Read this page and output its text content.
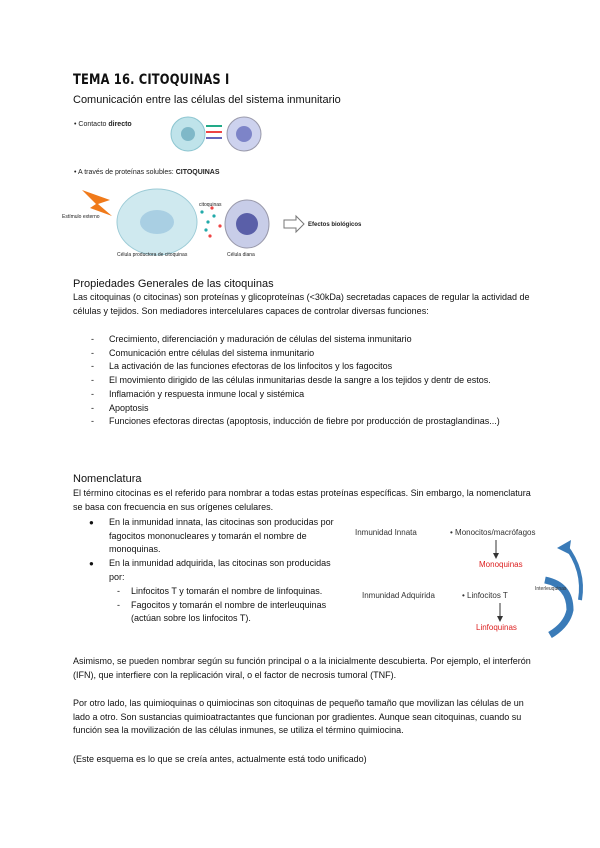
TEMA 16. CITOQUINAS I
Comunicación entre las células del sistema inmunitario
• Contacto directo
• A través de proteínas solubles: CITOQUINAS
Estímulo externo
citoquinas
Célula productora de citoquinas	Célula diana
Efectos biológicos
Propiedades Generales de las citoquinas
Las citoquinas (o citocinas) son proteínas y glicoproteínas (<30kDa) secretadas capaces de regular la actividad de células y tejidos. Son mediadores intercelulares capaces de controlar diversas funciones:
- Crecimiento, diferenciación y maduración de células del sistema inmunitario
- Comunicación entre células del sistema inmunitario
- La activación de las funciones efectoras de los linfocitos y los fagocitos
- El movimiento dirigido de las células inmunitarias desde la sangre a los tejidos y dentr de estos.
- Inflamación y respuesta inmune local y sistémica
- Apoptosis
- Funciones efectoras directas (apoptosis, inducción de fiebre por producción de prostaglandinas...)
Nomenclatura
El término citocinas es el referido para nombrar a todas estas proteínas específicas. Sin embargo, la nomenclatura se basa con frecuencia en sus orígenes celulares.
● En la inmunidad innata, las citocinas son producidas por fagocitos mononucleares y tomarán el nombre de monoquinas.
● En la inmunidad adquirida, las citocinas son producidas por:
- Linfocitos T y tomarán el nombre de linfoquinas.
- Fagocitos y tomarán el nombre de interleuquinas (actúan sobre los linfocitos T).
Inmunidad Innata	• Monocitos/macrófagos
Monoquinas
Inmunidad Adquirida	• Linfocitos T
Linfoquinas
Interleuquinas
Asimismo, se pueden nombrar según su función principal o a la inicialmente descubierta. Por ejemplo, el interferón (IFN), que interfiere con la replicación viral, o el factor de necrosis tumoral (TNF).
Por otro lado, las quimioquinas o quimiocinas son citoquinas de pequeño tamaño que movilizan las células de un lado a otro. Son sustancias quimioatractantes que funcionan por gradientes. Aunque sean citoquinas, cuando su función sea la movilización de las células inmunes, se utiliza el término quimiocina.
(Este esquema es lo que se creía antes, actualmente está todo unificado)
